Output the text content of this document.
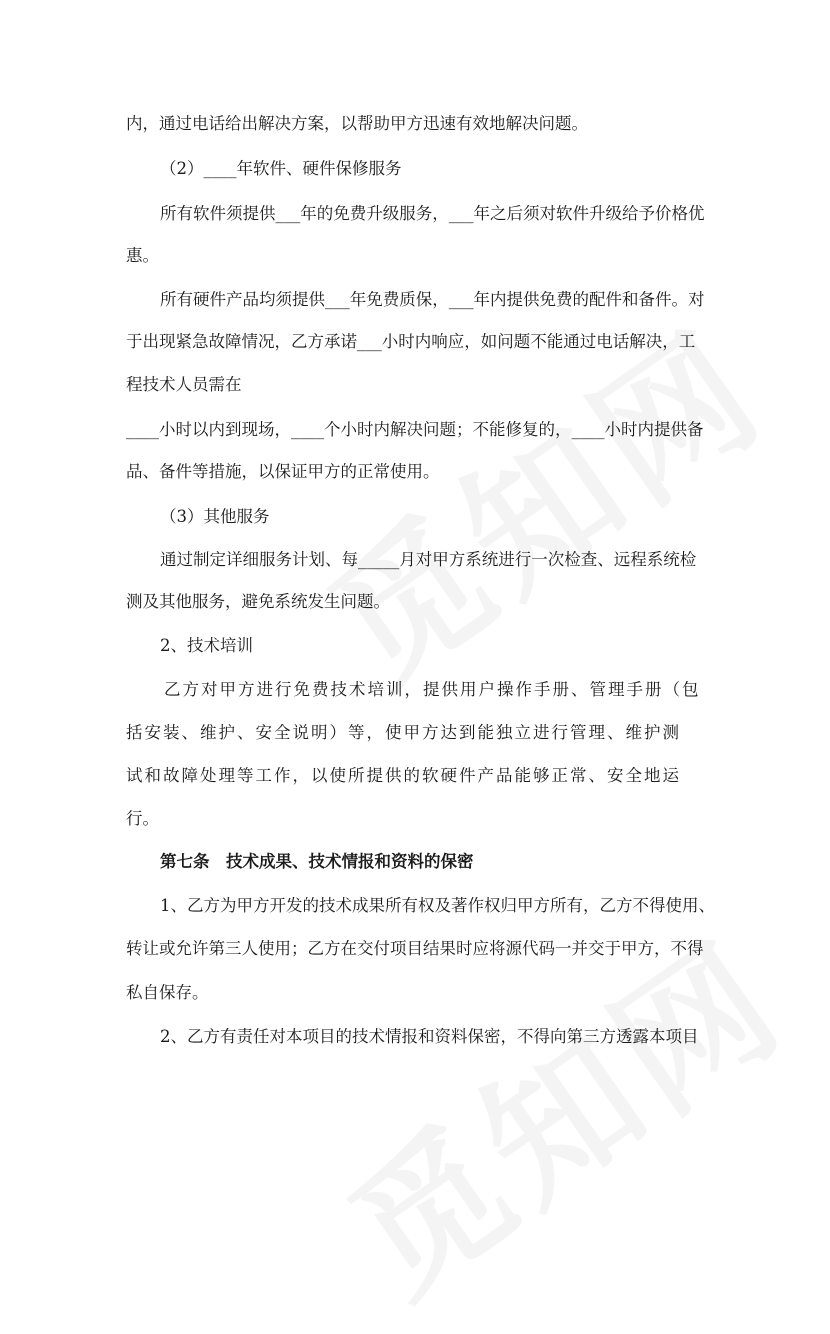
内，通过电话给出解决方案，以帮助甲方迅速有效地解决问题。
（2）____年软件、硬件保修服务
所有软件须提供___年的免费升级服务，___年之后须对软件升级给予价格优
惠。
所有硬件产品均须提供___年免费质保，___年内提供免费的配件和备件。对
于出现紧急故障情况，乙方承诺___小时内响应，如问题不能通过电话解决，工
程技术人员需在
____小时以内到现场，____个小时内解决问题；不能修复的，____小时内提供备
品、备件等措施，以保证甲方的正常使用。
（3）其他服务
通过制定详细服务计划、每_____月对甲方系统进行一次检查、远程系统检
测及其他服务，避免系统发生问题。
2、技术培训
乙方对甲方进行免费技术培训，提供用户操作手册、管理手册（包
括安装、维护、安全说明）等，使甲方达到能独立进行管理、维护测
试和故障处理等工作，以使所提供的软硬件产品能够正常、安全地运
行。
第七条　技术成果、技术情报和资料的保密
1、乙方为甲方开发的技术成果所有权及著作权归甲方所有，乙方不得使用、
转让或允许第三人使用；乙方在交付项目结果时应将源代码一并交于甲方，不得
私自保存。
2、乙方有责任对本项目的技术情报和资料保密，不得向第三方透露本项目
